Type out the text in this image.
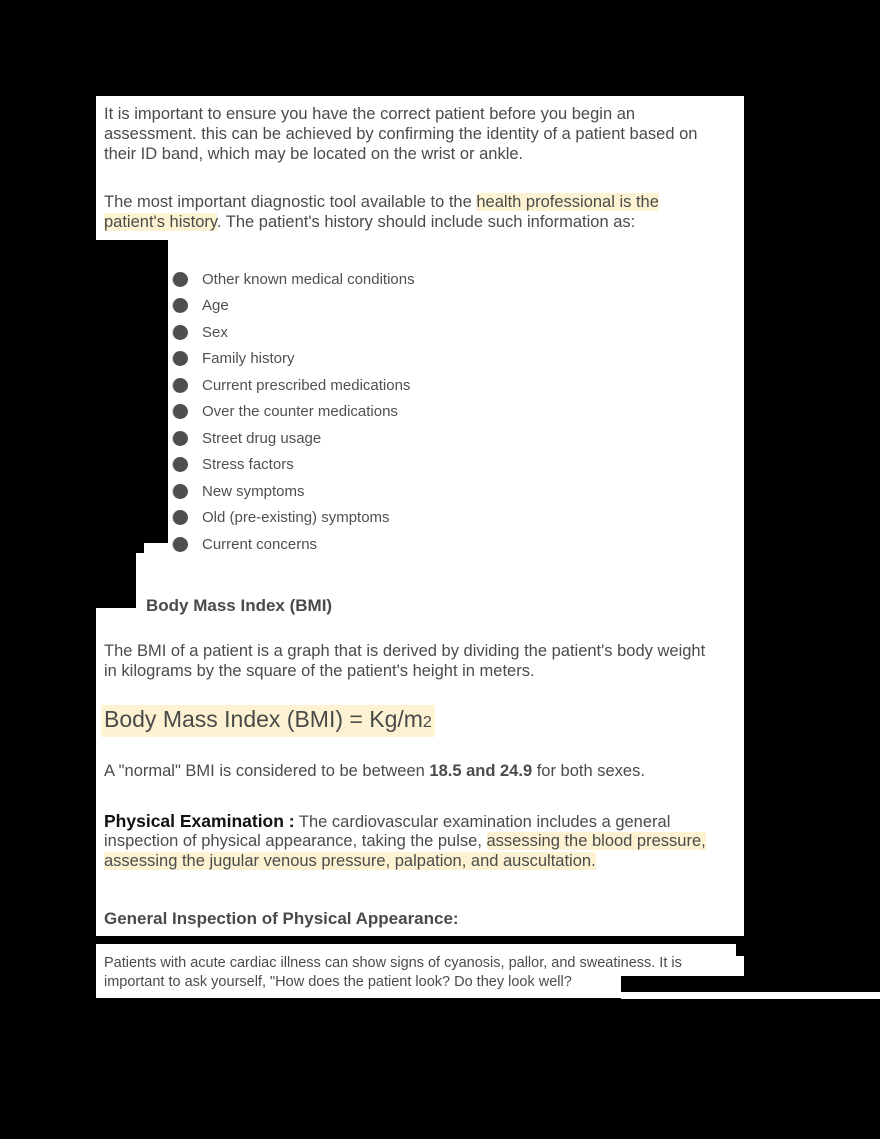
It is important to ensure you have the correct patient before you begin an
assessment. this can be achieved by confirming the identity of a patient based on
their ID band, which may be located on the wrist or ankle.
The most important diagnostic tool available to the health professional is the
patient's history. The patient's history should include such information as:
Other known medical conditions
Age
Sex
Family history
Current prescribed medications
Over the counter medications
Street drug usage
Stress factors
New symptoms
Old (pre-existing) symptoms
Current concerns
Body Mass Index (BMI)
The BMI of a patient is a graph that is derived by dividing the patient's body weight
in kilograms by the square of the patient's height in meters.
Body Mass Index (BMI) = Kg/m2
A "normal" BMI is considered to be between 18.5 and 24.9 for both sexes.
Physical Examination : The cardiovascular examination includes a general
inspection of physical appearance, taking the pulse, assessing the blood pressure,
assessing the jugular venous pressure, palpation, and auscultation.
General Inspection of Physical Appearance:
Patients with acute cardiac illness can show signs of cyanosis, pallor, and sweatiness. It is
important to ask yourself, "How does the patient look? Do they look well?
